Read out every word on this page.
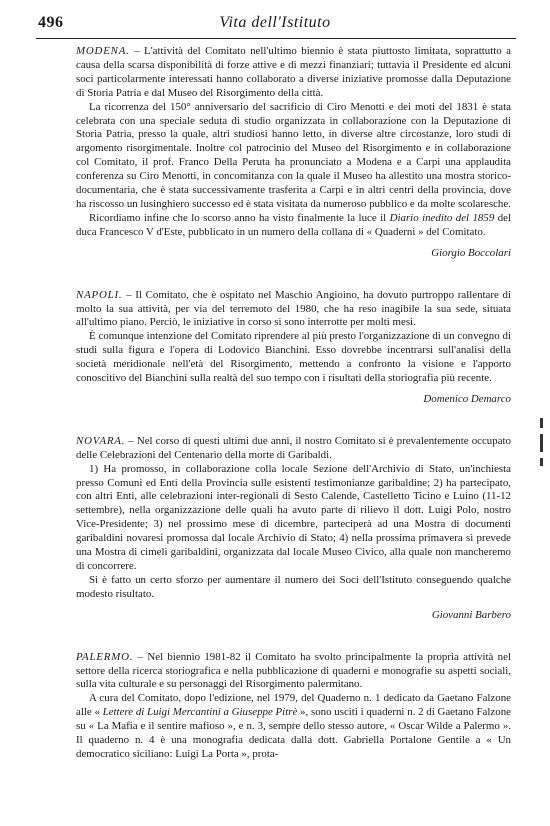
496	Vita dell'Istituto

MODENA. – L'attività del Comitato nell'ultimo biennio è stata piuttosto limitata, soprattutto a causa della scarsa disponibilità di forze attive e di mezzi finanziari; tuttavia il Presidente ed alcuni soci particolarmente interessati hanno collaborato a diverse iniziative promosse dalla Deputazione di Storia Patria e dal Museo del Risorgimento della città.

La ricorrenza del 150° anniversario del sacrificio di Ciro Menotti e dei moti del 1831 è stata celebrata con una speciale seduta di studio organizzata in collaborazione con la Deputazione di Storia Patria, presso la quale, altri studiosi hanno letto, in diverse altre circostanze, loro studi di argomento risorgimentale. Inoltre col patrocinio del Museo del Risorgimento e in collaborazione col Comitato, il prof. Franco Della Peruta ha pronunciato a Modena e a Carpi una applaudita conferenza su Ciro Menotti, in concomitanza con la quale il Museo ha allestito una mostra storico-documentaria, che è stata successivamente trasferita a Carpi e in altri centri della provincia, dove ha riscosso un lusinghiero successo ed è stata visitata da numeroso pubblico e da molte scolaresche.

Ricordiamo infine che lo scorso anno ha visto finalmente la luce il Diario inedito del 1859 del duca Francesco V d'Este, pubblicato in un numero della collana di « Quaderni » del Comitato.

Giorgio Boccolari

NAPOLI. – Il Comitato, che è ospitato nel Maschio Angioino, ha dovuto purtroppo rallentare di molto la sua attività, per via del terremoto del 1980, che ha reso inagibile la sua sede, situata all'ultimo piano. Perciò, le iniziative in corso si sono interrotte per molti mesi.

È comunque intenzione del Comitato riprendere al più presto l'organizzazione di un convegno di studi sulla figura e l'opera di Lodovico Bianchini. Esso dovrebbe incentrarsi sull'analisi della società meridionale nell'età del Risorgimento, mettendo a confronto la visione e l'apporto conoscitivo del Bianchini sulla realtà del suo tempo con i risultati della storiografia più recente.

Domenico Demarco

NOVARA. – Nel corso di questi ultimi due anni, il nostro Comitato si è prevalentemente occupato delle Celebrazioni del Centenario della morte di Garibaldi.

1) Ha promosso, in collaborazione colla locale Sezione dell'Archivio di Stato, un'inchiesta presso Comuni ed Enti della Provincia sulle esistenti testimonianze garibaldine; 2) ha partecipato, con altri Enti, alle celebrazioni inter-regionali di Sesto Calende, Castelletto Ticino e Luino (11-12 settembre), nella organizzazione delle quali ha avuto parte di rilievo il dott. Luigi Polo, nostro Vice-Presidente; 3) nel prossimo mese di dicembre, parteciperà ad una Mostra di documenti garibaldini novaresi promossa dal locale Archivio di Stato; 4) nella prossima primavera si prevede una Mostra di cimeli garibaldini, organizzata dal locale Museo Civico, alla quale non mancheremo di concorrere.

Si è fatto un certo sforzo per aumentare il numero dei Soci dell'Istituto conseguendo qualche modesto risultato.

Giovanni Barbero

PALERMO. – Nel biennio 1981-82 il Comitato ha svolto principalmente la propria attività nel settore della ricerca storiografica e nella pubblicazione di quaderni e monografie su aspetti sociali, sulla vita culturale e su personaggi del Risorgimento palermitano.

A cura del Comitato, dopo l'edizione, nel 1979, del Quaderno n. 1 dedicato da Gaetano Falzone alle « Lettere di Luigi Mercantini a Giuseppe Pitrè », sono usciti i quaderni n. 2 di Gaetano Falzone su « La Mafia e il sentire mafioso », e n. 3, sempre dello stesso autore, « Oscar Wilde a Palermo ». Il quaderno n. 4 è una monografia dedicata dalla dott. Gabriella Portalone Gentile a « Un democratico siciliano: Luigi La Porta », prota-
